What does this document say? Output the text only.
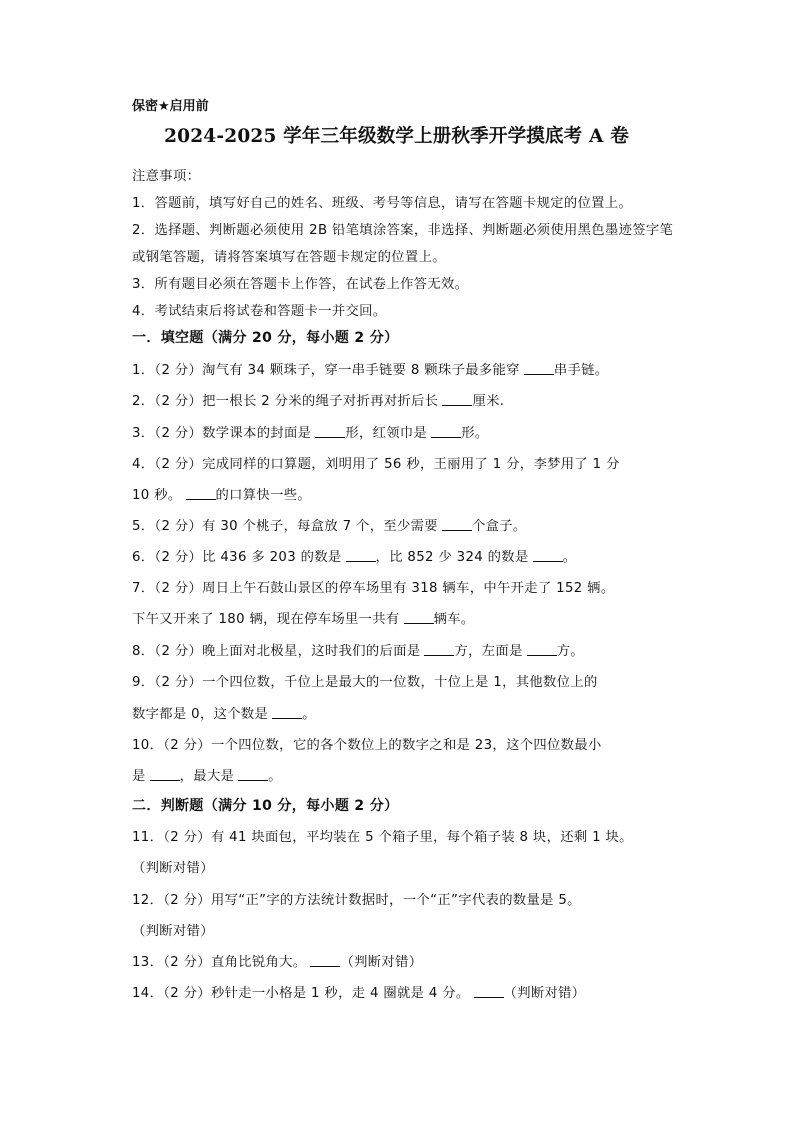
保密★启用前
2024-2025 学年三年级数学上册秋季开学摸底考 A 卷
注意事项：
1．答题前，填写好自己的姓名、班级、考号等信息，请写在答题卡规定的位置上。
2．选择题、判断题必须使用 2B 铅笔填涂答案，非选择、判断题必须使用黑色墨迹签字笔
或钢笔答题，请将答案填写在答题卡规定的位置上。
3．所有题目必须在答题卡上作答，在试卷上作答无效。
4．考试结束后将试卷和答题卡一并交回。
一．填空题（满分 20 分，每小题 2 分）
1．（2 分）淘气有 34 颗珠子，穿一串手链要 8 颗珠子最多能穿	串手链。
2．（2 分）把一根长 2 分米的绳子对折再对折后长	厘米.
3．（2 分）数学课本的封面是	形，红领巾是	形。
4．（2 分）完成同样的口算题，刘明用了 56 秒，王丽用了 1 分，李梦用了 1 分
10 秒。	的口算快一些。
5．（2 分）有 30 个桃子，每盒放 7 个，至少需要	个盒子。
6．（2 分）比 436 多 203 的数是	，比 852 少 324 的数是	。
7．（2 分）周日上午石鼓山景区的停车场里有 318 辆车，中午开走了 152 辆。
下午又开来了 180 辆，现在停车场里一共有	辆车。
8．（2 分）晚上面对北极星，这时我们的后面是	方，左面是	方。
9．（2 分）一个四位数，千位上是最大的一位数，十位上是 1，其他数位上的
数字都是 0，这个数是	。
10．（2 分）一个四位数，它的各个数位上的数字之和是 23，这个四位数最小
是	，最大是	。
二．判断题（满分 10 分，每小题 2 分）
11．（2 分）有 41 块面包，平均装在 5 个箱子里，每个箱子装 8 块，还剩 1 块。
（判断对错）
12．（2 分）用写“正”字的方法统计数据时，一个“正”字代表的数量是 5。
（判断对错）
13．（2 分）直角比锐角大。	（判断对错）
14．（2 分）秒针走一小格是 1 秒，走 4 圈就是 4 分。	（判断对错）
